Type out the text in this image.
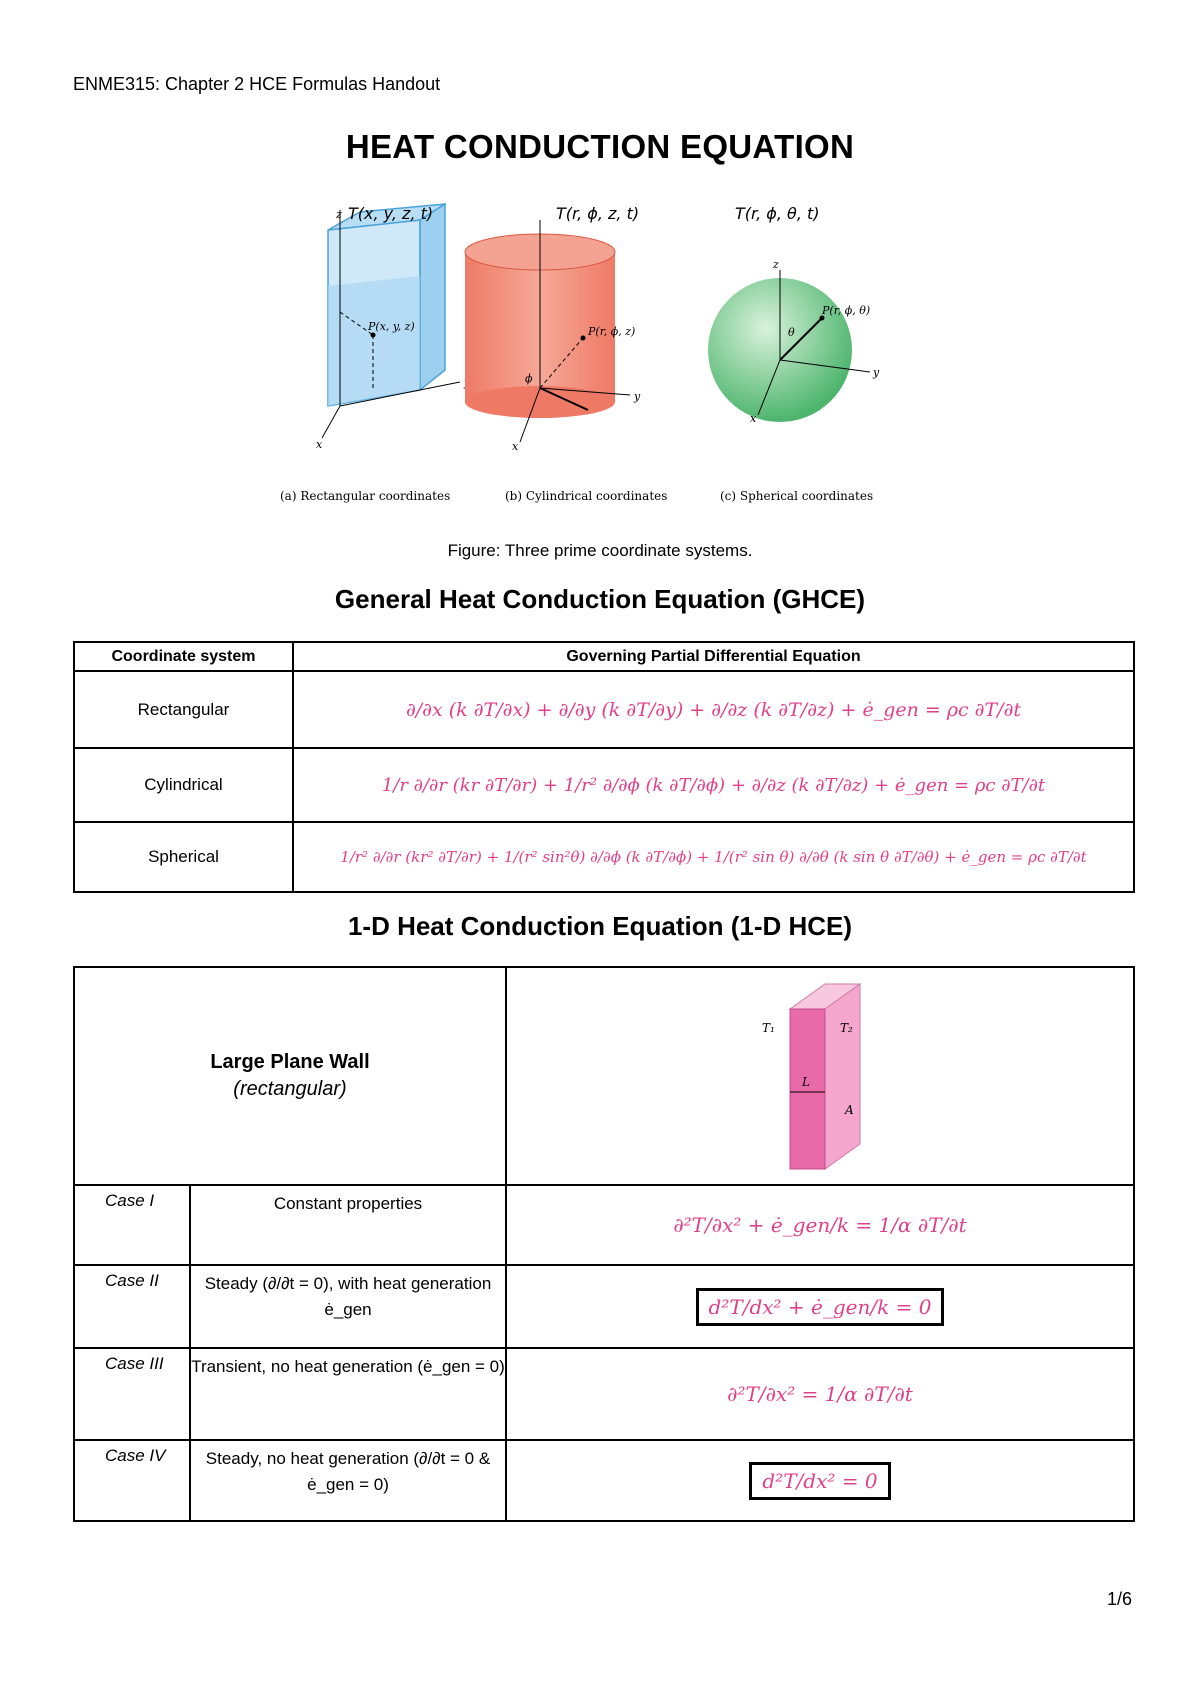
ENME315: Chapter 2 HCE Formulas Handout
HEAT CONDUCTION EQUATION
P(x, y, z)
x
z T(x, y, z, t)
P(r, ϕ, z)
T(r, ϕ, z, t)
y
x
ϕ
P(r, ϕ, θ)
T(r, ϕ, θ, t)
y
x
z
θ
(a) Rectangular coordinates	(b) Cylindrical coordinates	(c) Spherical coordinates
Figure: Three prime coordinate systems.
General Heat Conduction Equation (GHCE)
Coordinate system	Governing Partial Differential Equation
Rectangular	∂/∂x (k ∂T/∂x) + ∂/∂y (k ∂T/∂y) + ∂/∂z (k ∂T/∂z) + ė_gen = ρc ∂T/∂t
Cylindrical	1/r ∂/∂r (kr ∂T/∂r) + 1/r² ∂/∂ϕ (k ∂T/∂ϕ) + ∂/∂z (k ∂T/∂z) + ė_gen = ρc ∂T/∂t
Spherical	1/r² ∂/∂r (kr² ∂T/∂r) + 1/(r² sin²θ) ∂/∂ϕ (k ∂T/∂ϕ) + 1/(r² sin θ) ∂/∂θ (k sin θ ∂T/∂θ) + ė_gen = ρc ∂T/∂t
1-D Heat Conduction Equation (1-D HCE)
Large Plane Wall
(rectangular)		L
T₁ T₂
A

Case I	Constant properties	∂²T/∂x² + ė_gen/k = 1/α ∂T/∂t
Case II	Steady (∂/∂t = 0), with heat generation ė_gen	d²T/dx² + ė_gen/k = 0
Case III	Transient, no heat generation (ė_gen = 0)	∂²T/∂x² = 1/α ∂T/∂t
Case IV	Steady, no heat generation (∂/∂t = 0 & ė_gen = 0)	d²T/dx² = 0
1/6
